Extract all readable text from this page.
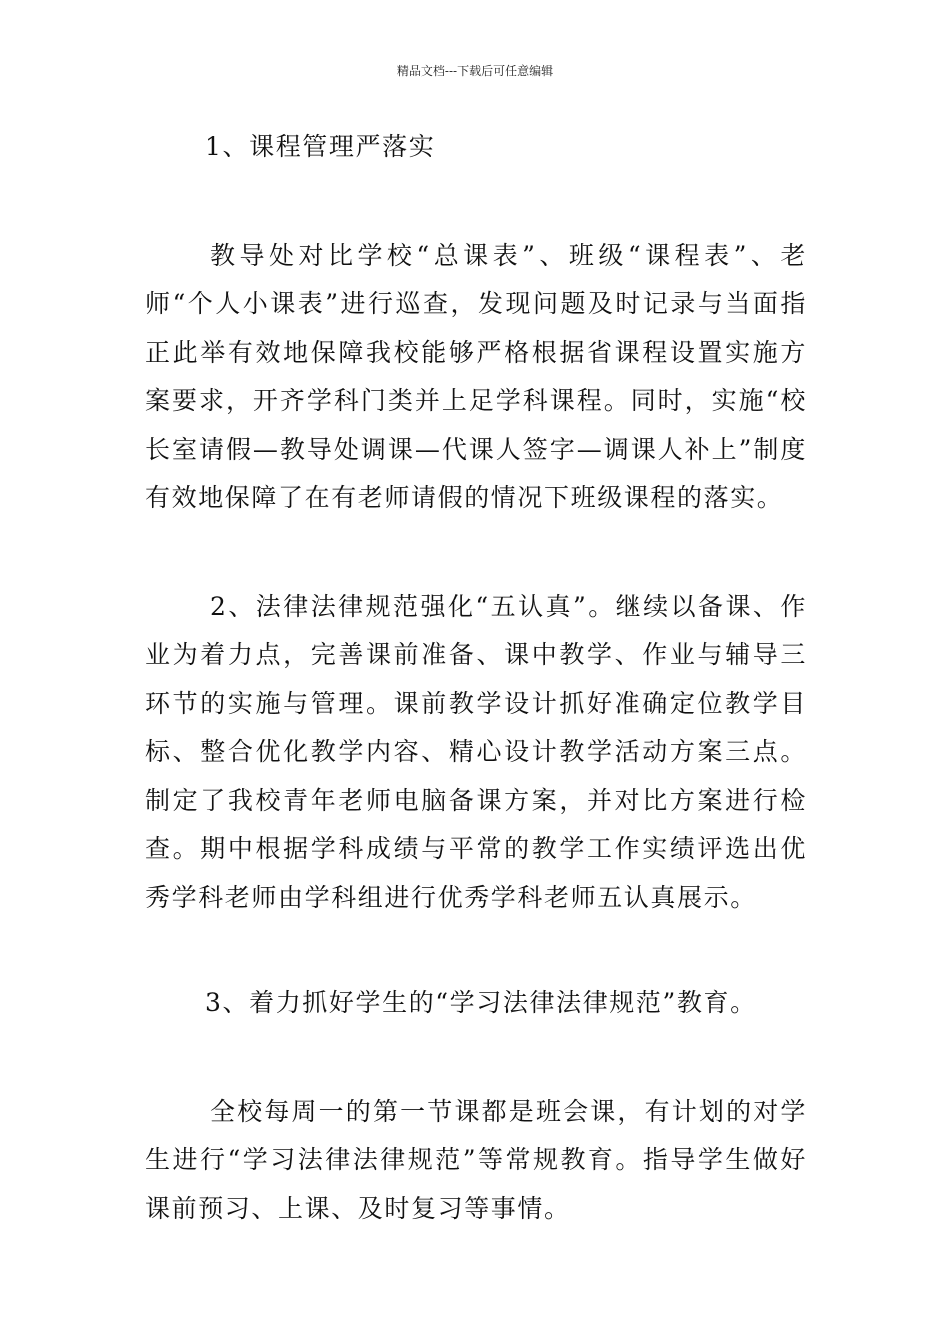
精品文档---下载后可任意编辑

1、课程管理严落实

教导处对比学校“总课表”、班级“课程表”、老师“个人小课表”进行巡查，发现问题及时记录与当面指正此举有效地保障我校能够严格根据省课程设置实施方案要求，开齐学科门类并上足学科课程。同时，实施“校长室请假—教导处调课—代课人签字—调课人补上”制度有效地保障了在有老师请假的情况下班级课程的落实。

2、法律法律规范强化“五认真”。继续以备课、作业为着力点，完善课前准备、课中教学、作业与辅导三环节的实施与管理。课前教学设计抓好准确定位教学目标、整合优化教学内容、精心设计教学活动方案三点。制定了我校青年老师电脑备课方案，并对比方案进行检查。期中根据学科成绩与平常的教学工作实绩评选出优秀学科老师由学科组进行优秀学科老师五认真展示。

3、着力抓好学生的“学习法律法律规范”教育。

全校每周一的第一节课都是班会课，有计划的对学生进行“学习法律法律规范”等常规教育。指导学生做好课前预习、上课、及时复习等事情。
